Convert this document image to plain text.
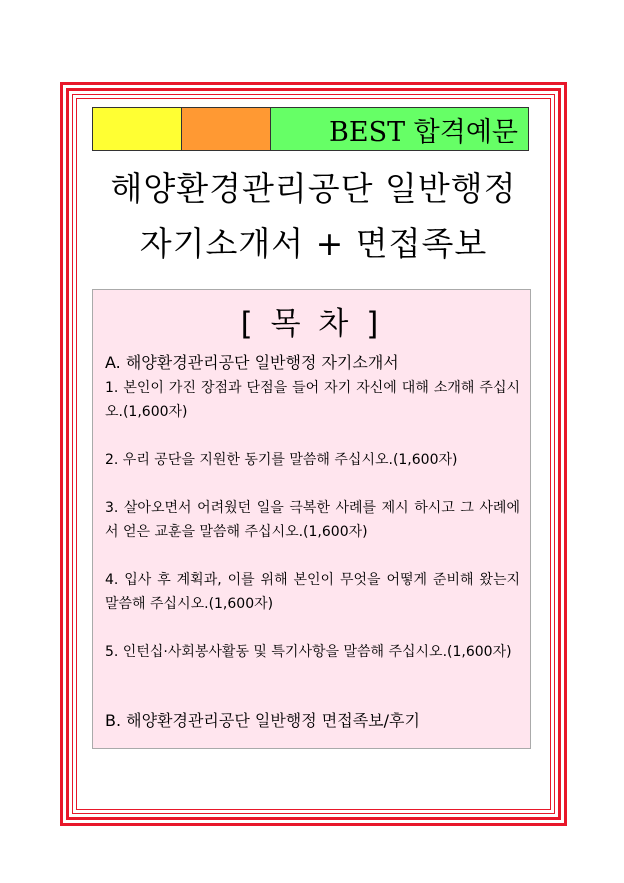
BEST 합격예문
해양환경관리공단 일반행정
자기소개서 + 면접족보
[ 목 차 ]
A. 해양환경관리공단 일반행정 자기소개서
1. 본인이 가진 장점과 단점을 들어 자기 자신에 대해 소개해 주십시오.(1,600자)
2. 우리 공단을 지원한 동기를 말씀해 주십시오.(1,600자)
3. 살아오면서 어려웠던 일을 극복한 사례를 제시 하시고 그 사례에서 얻은 교훈을 말씀해 주십시오.(1,600자)
4. 입사 후 계획과, 이를 위해 본인이 무엇을 어떻게 준비해 왔는지 말씀해 주십시오.(1,600자)
5. 인턴십·사회봉사활동 및 특기사항을 말씀해 주십시오.(1,600자)
B. 해양환경관리공단 일반행정 면접족보/후기
